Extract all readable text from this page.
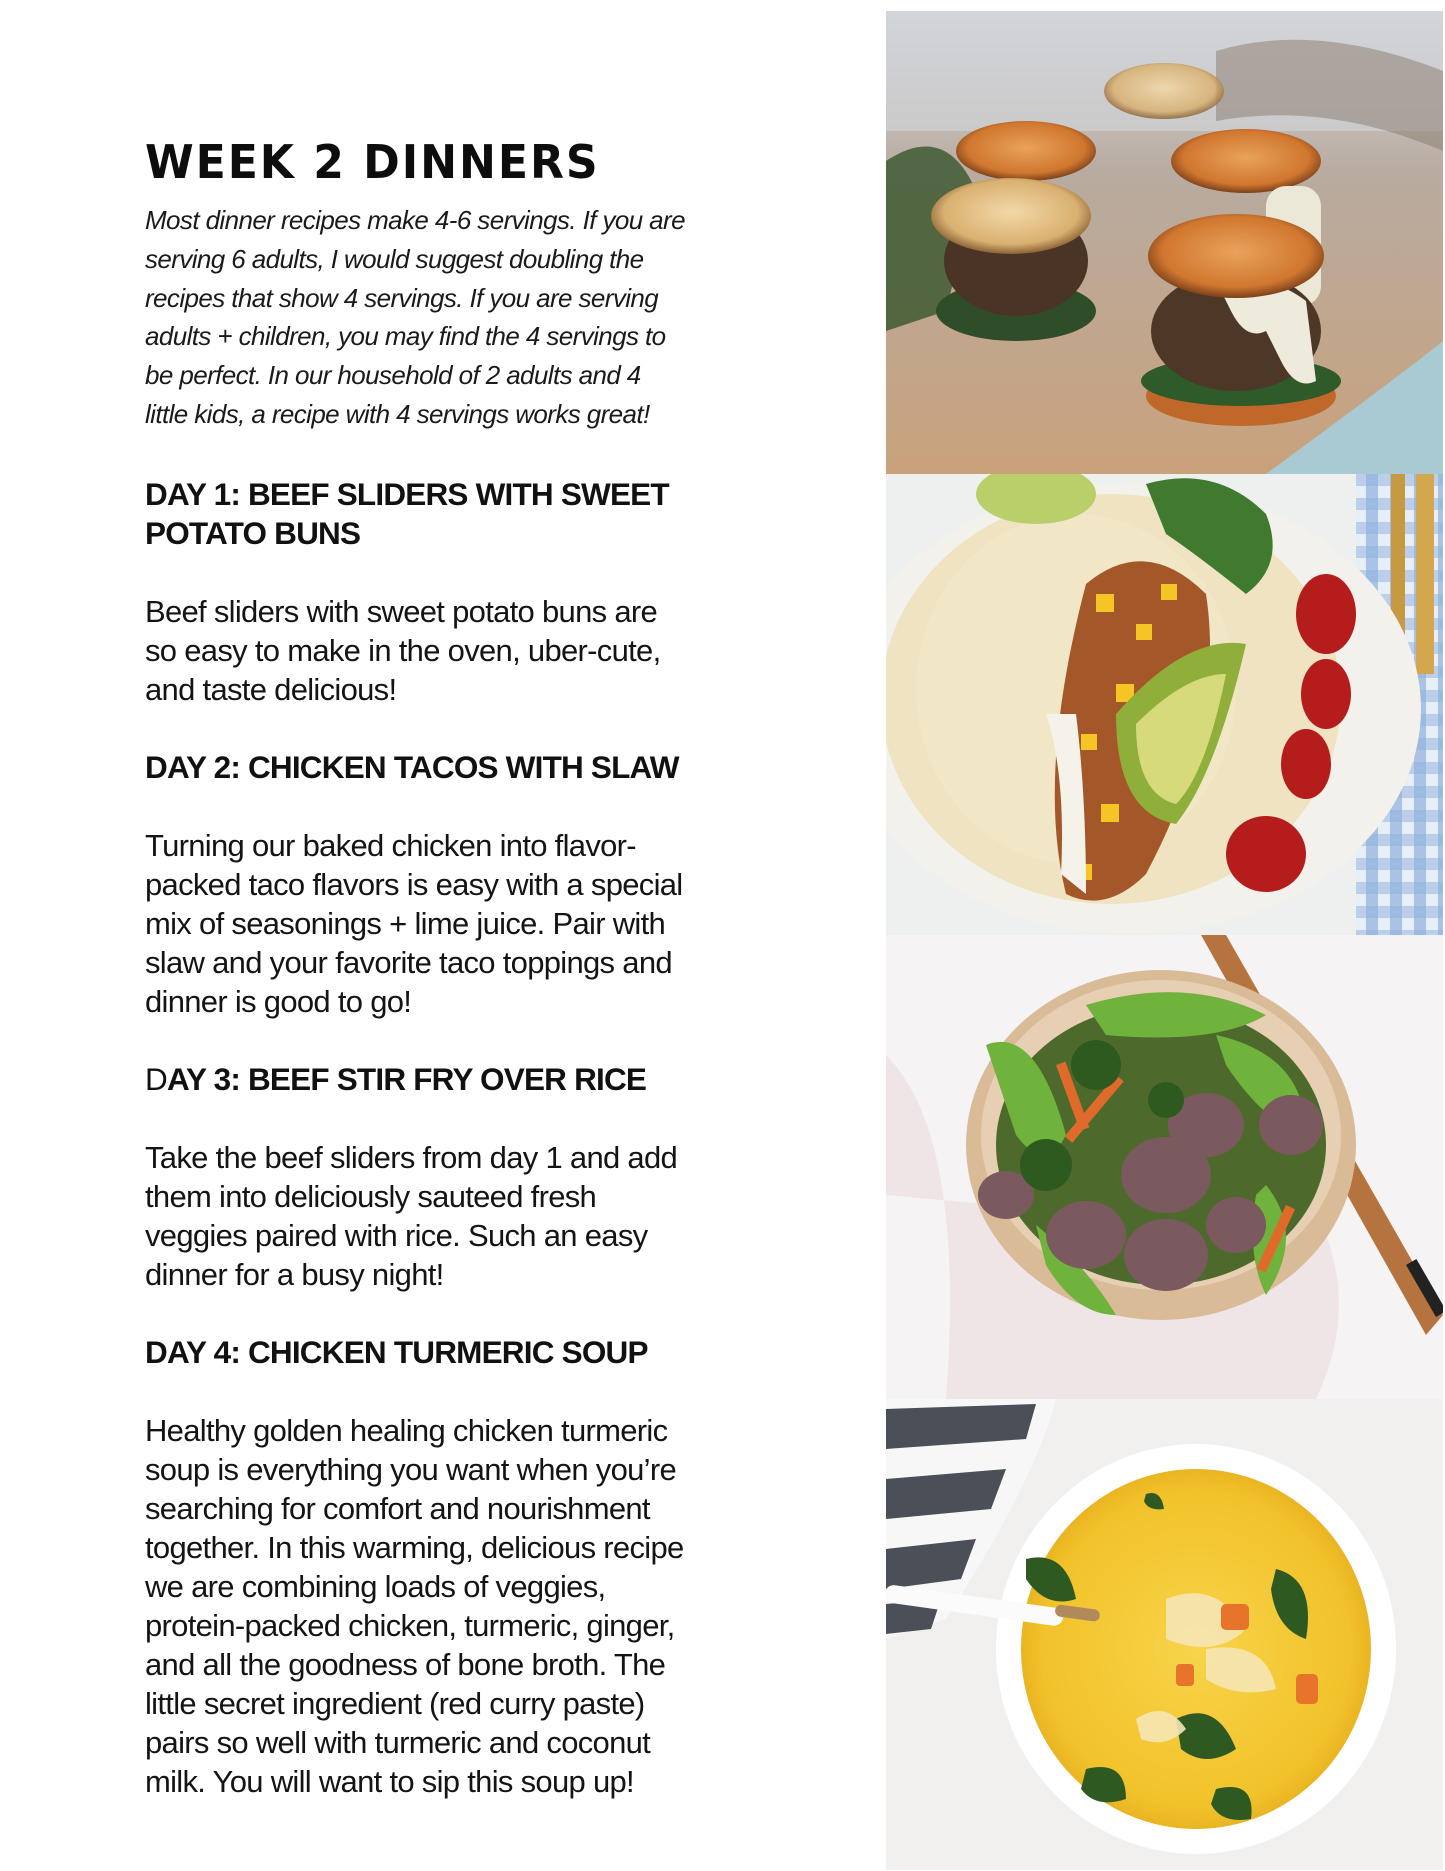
WEEK 2 DINNERS

Most dinner recipes make 4-6 servings. If you are
serving 6 adults, I would suggest doubling the
recipes that show 4 servings. If you are serving
adults + children, you may find the 4 servings to
be perfect. In our household of 2 adults and 4
little kids, a recipe with 4 servings works great!

DAY 1: BEEF SLIDERS WITH SWEET
POTATO BUNS

Beef sliders with sweet potato buns are
so easy to make in the oven, uber-cute,
and taste delicious!

DAY 2: CHICKEN TACOS WITH SLAW

Turning our baked chicken into flavor-
packed taco flavors is easy with a special
mix of seasonings + lime juice. Pair with
slaw and your favorite taco toppings and
dinner is good to go!

DAY 3: BEEF STIR FRY OVER RICE

Take the beef sliders from day 1 and add
them into deliciously sauteed fresh
veggies paired with rice. Such an easy
dinner for a busy night!

DAY 4: CHICKEN TURMERIC SOUP

Healthy golden healing chicken turmeric
soup is everything you want when you’re
searching for comfort and nourishment
together. In this warming, delicious recipe
we are combining loads of veggies,
protein-packed chicken, turmeric, ginger,
and all the goodness of bone broth. The
little secret ingredient (red curry paste)
pairs so well with turmeric and coconut
milk. You will want to sip this soup up!
